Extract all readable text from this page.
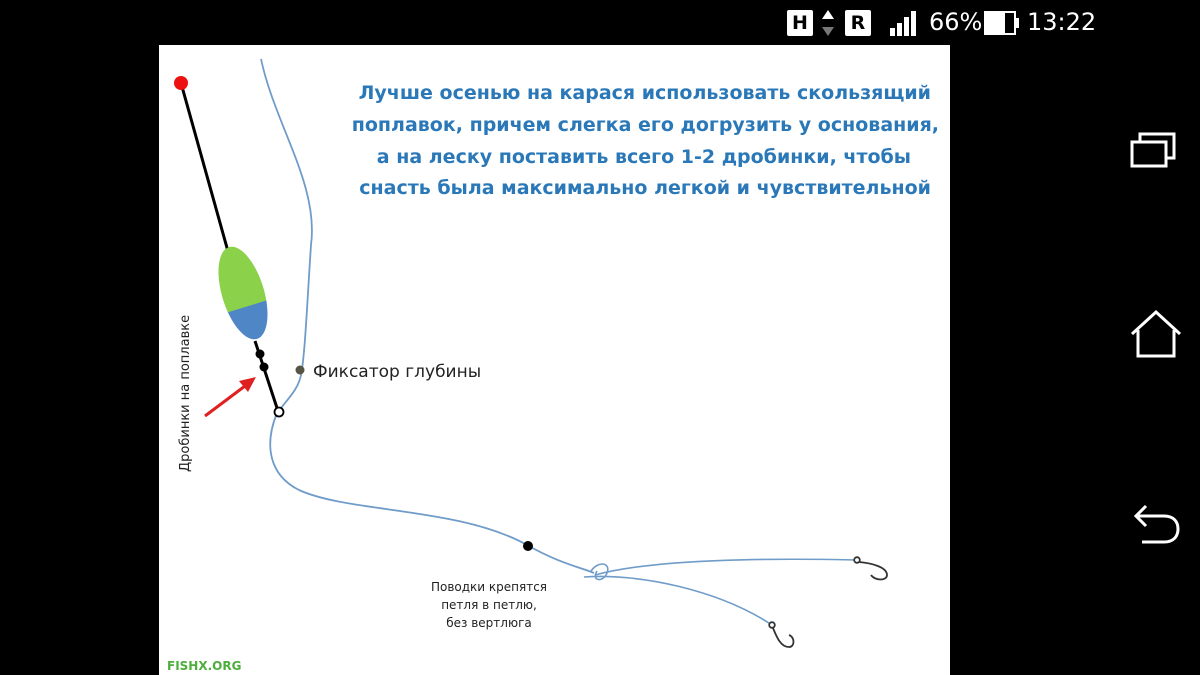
H R	66% 13:22
Лучше осенью на карася использовать скользящий
поплавок, причем слегка его догрузить у основания,
а на леску поставить всего 1-2 дробинки, чтобы
снасть была максимально легкой и чувствительной
Дробинки на поплавке	Фиксатор глубины
Поводки крепятся
петля в петлю,
без вертлюга
FISHX.ORG
